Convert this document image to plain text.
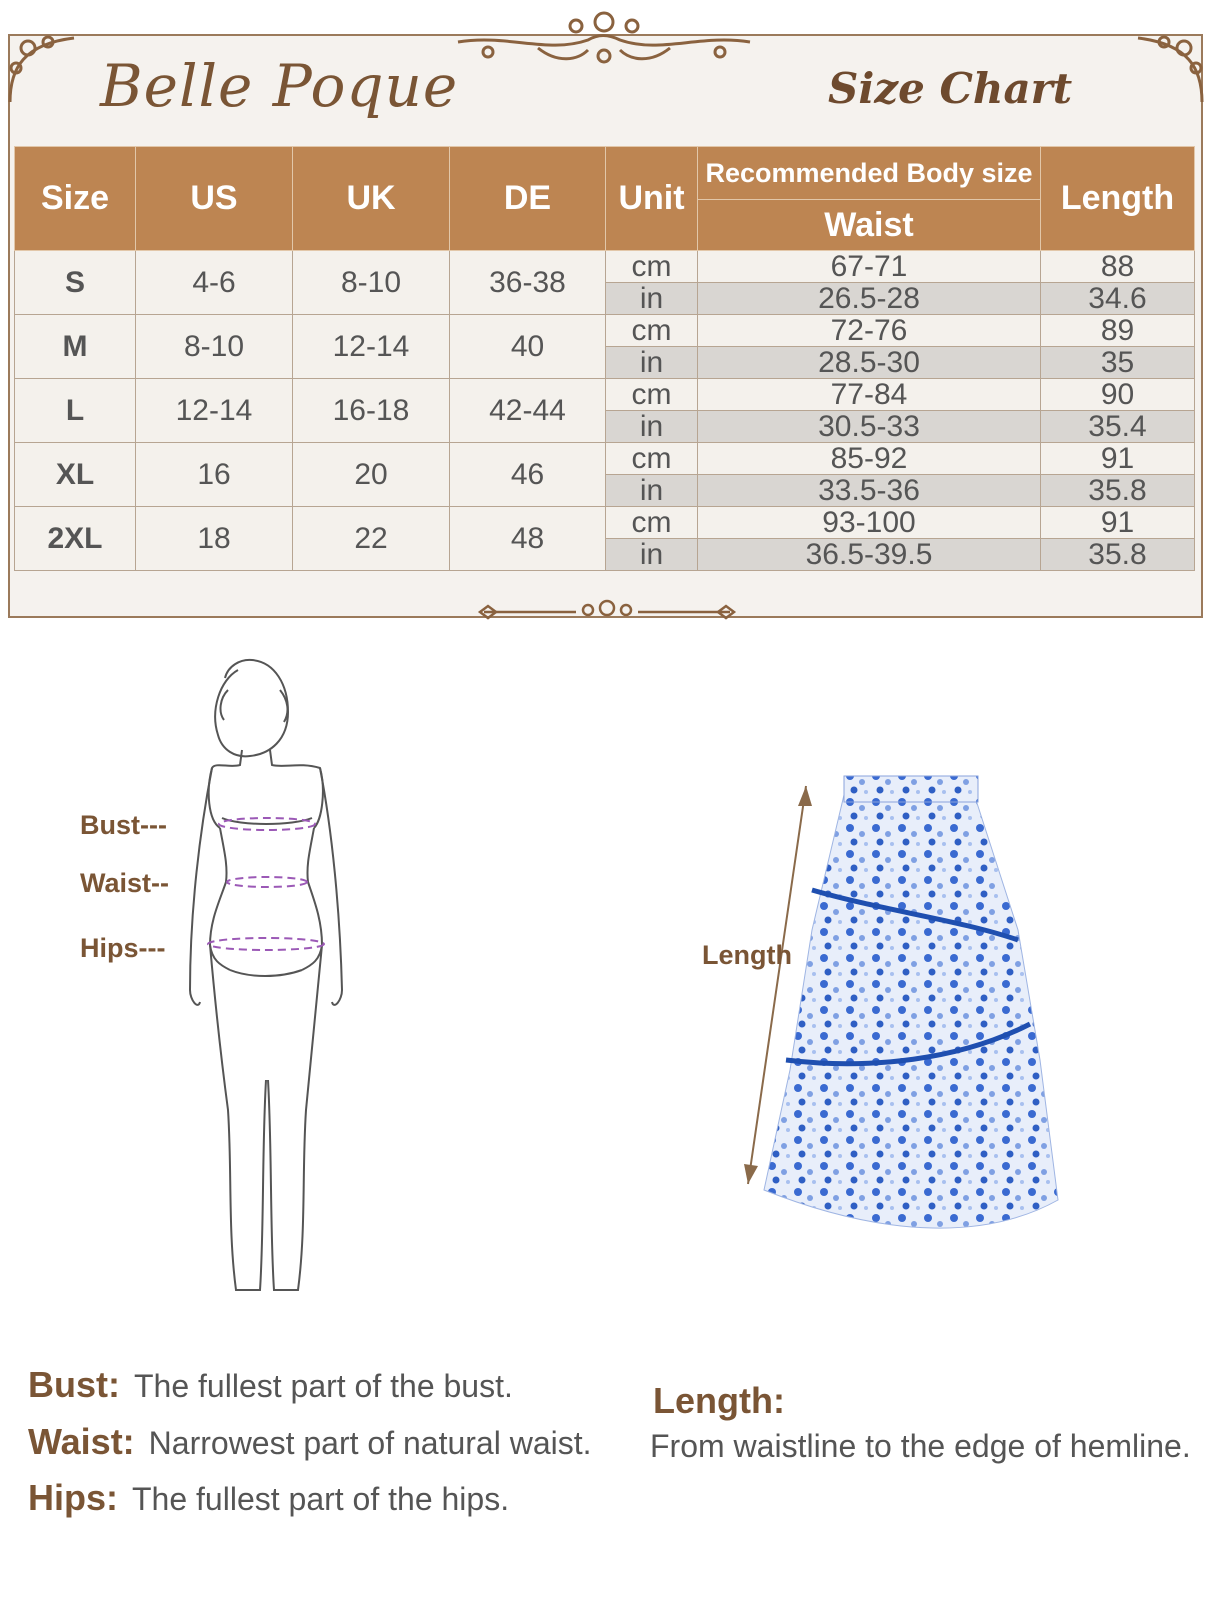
Belle Poque	Size Chart
Size	US	UK	DE	Unit	Recommended Body size	Length
					Waist	
S	4-6	8-10	36-38	cm	67-71	88
				in	26.5-28	34.6
M	8-10	12-14	40	cm	72-76	89
				in	28.5-30	35
L	12-14	16-18	42-44	cm	77-84	90
				in	30.5-33	35.4
XL	16	20	46	cm	85-92	91
				in	33.5-36	35.8
2XL	18	22	48	cm	93-100	91
				in	36.5-39.5	35.8
Bust---
Waist--
Hips---	Length
Bust: The fullest part of the bust.
Waist: Narrowest part of natural waist.
Hips: The fullest part of the hips.
Length:
From waistline to the edge of hemline.
